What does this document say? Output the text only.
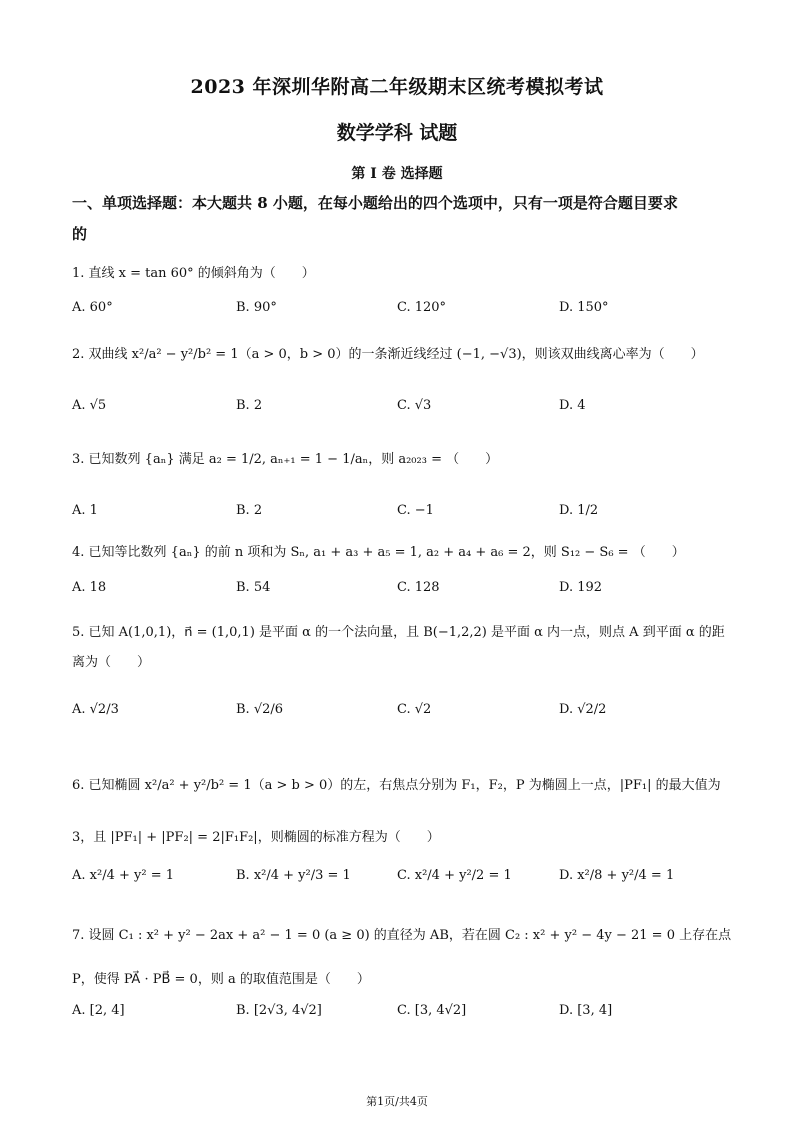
2023 年深圳华附高二年级期末区统考模拟考试
数学学科 试题
第 I 卷 选择题
一、单项选择题：本大题共 8 小题，在每小题给出的四个选项中，只有一项是符合题目要求
的
1. 直线 x = tan 60° 的倾斜角为（　　）
A. 60°	B. 90°	C. 120°	D. 150°
2. 双曲线 x²/a² − y²/b² = 1（a > 0，b > 0）的一条渐近线经过 (−1, −√3)，则该双曲线离心率为（　　）
A. √5	B. 2	C. √3	D. 4
3. 已知数列 {aₙ} 满足 a₂ = 1/2, aₙ₊₁ = 1 − 1/aₙ，则 a₂₀₂₃ = （　　）
A. 1	B. 2	C. −1	D. 1/2
4. 已知等比数列 {aₙ} 的前 n 项和为 Sₙ, a₁ + a₃ + a₅ = 1, a₂ + a₄ + a₆ = 2，则 S₁₂ − S₆ = （　　）
A. 18	B. 54	C. 128	D. 192
5. 已知 A(1,0,1)，n⃗ = (1,0,1) 是平面 α 的一个法向量，且 B(−1,2,2) 是平面 α 内一点，则点 A 到平面 α 的距离为（　　）
A. √2/3	B. √2/6	C. √2	D. √2/2
6. 已知椭圆 x²/a² + y²/b² = 1（a > b > 0）的左，右焦点分别为 F₁，F₂，P 为椭圆上一点，|PF₁| 的最大值为 3，且 |PF₁| + |PF₂| = 2|F₁F₂|，则椭圆的标准方程为（　　）
A. x²/4 + y² = 1	B. x²/4 + y²/3 = 1	C. x²/4 + y²/2 = 1	D. x²/8 + y²/4 = 1
7. 设圆 C₁ : x² + y² − 2ax + a² − 1 = 0 (a ≥ 0) 的直径为 AB，若在圆 C₂ : x² + y² − 4y − 21 = 0 上存在点 P，使得 PA⃗ · PB⃗ = 0，则 a 的取值范围是（　　）
A. [2, 4]	B. [2√3, 4√2]	C. [3, 4√2]	D. [3, 4]
第1页/共4页
